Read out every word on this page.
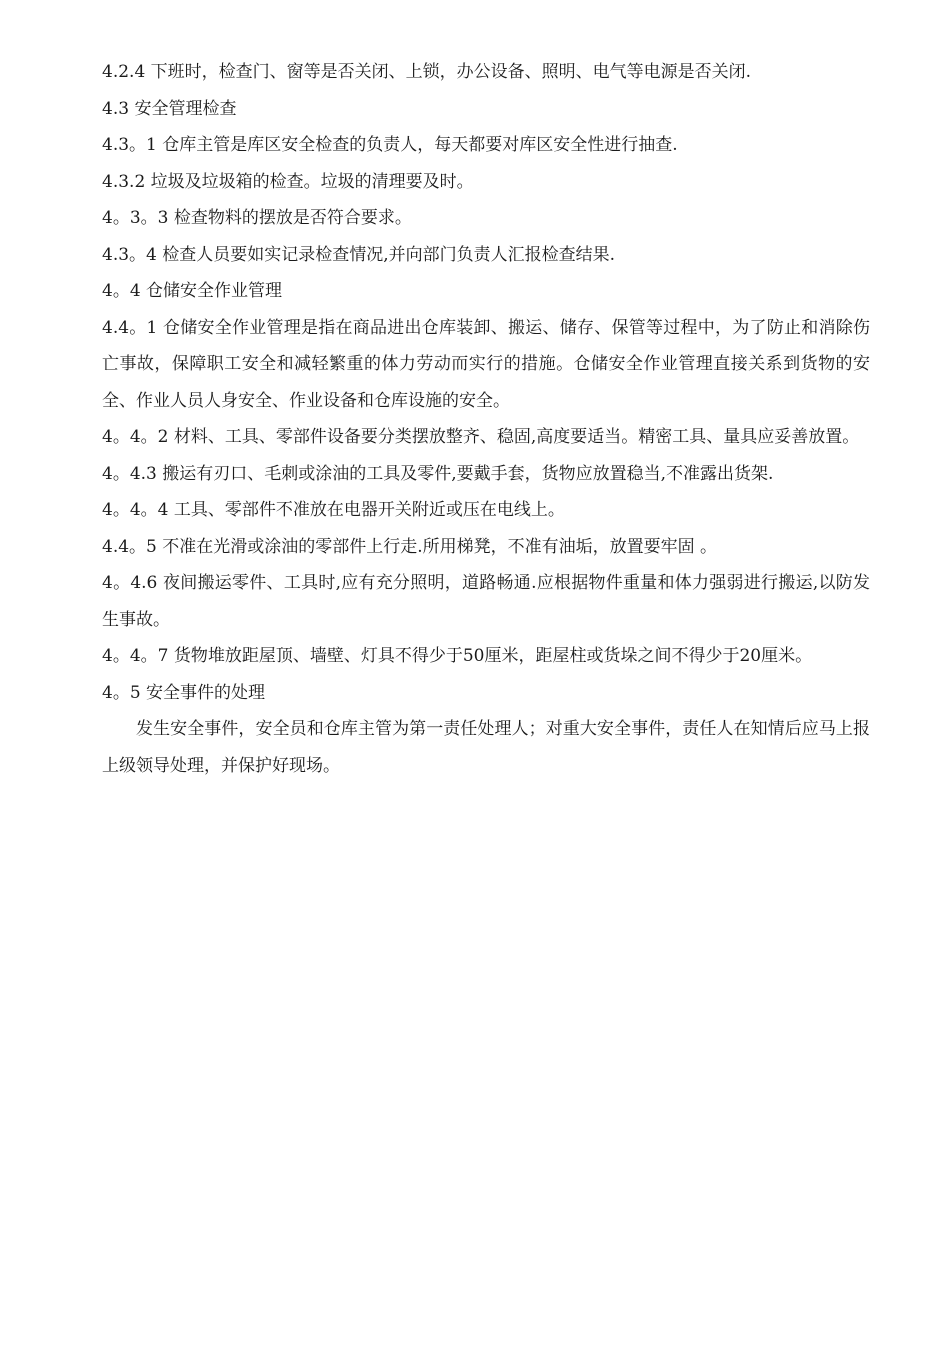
4.2.4 下班时，检查门、窗等是否关闭、上锁，办公设备、照明、电气等电源是否关闭.

4.3 安全管理检查

4.3。1 仓库主管是库区安全检查的负责人，每天都要对库区安全性进行抽查.

4.3.2 垃圾及垃圾箱的检查。垃圾的清理要及时。

4。3。3 检查物料的摆放是否符合要求。

4.3。4 检查人员要如实记录检查情况,并向部门负责人汇报检查结果.

4。4 仓储安全作业管理

4.4。1 仓储安全作业管理是指在商品进出仓库装卸、搬运、储存、保管等过程中，为了防止和消除伤亡事故，保障职工安全和减轻繁重的体力劳动而实行的措施。仓储安全作业管理直接关系到货物的安全、作业人员人身安全、作业设备和仓库设施的安全。

4。4。2 材料、工具、零部件设备要分类摆放整齐、稳固,高度要适当。精密工具、量具应妥善放置。

4。4.3 搬运有刃口、毛刺或涂油的工具及零件,要戴手套，货物应放置稳当,不准露出货架.

4。4。4 工具、零部件不准放在电器开关附近或压在电线上。

4.4。5 不准在光滑或涂油的零部件上行走.所用梯凳，不准有油垢，放置要牢固 。

4。4.6 夜间搬运零件、工具时,应有充分照明，道路畅通.应根据物件重量和体力强弱进行搬运,以防发生事故。

4。4。7 货物堆放距屋顶、墙壁、灯具不得少于50厘米，距屋柱或货垛之间不得少于20厘米。

4。5 安全事件的处理

发生安全事件，安全员和仓库主管为第一责任处理人；对重大安全事件，责任人在知情后应马上报上级领导处理，并保护好现场。
